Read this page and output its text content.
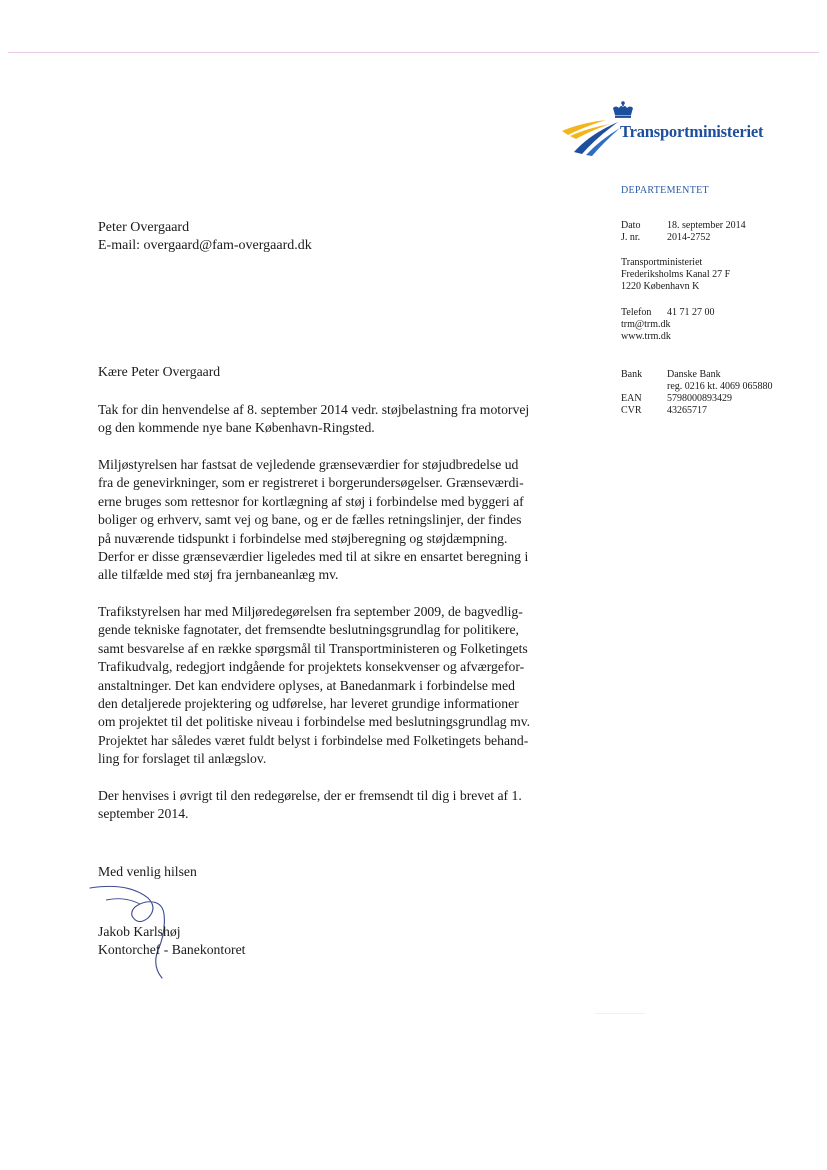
Transportministeriet
DEPARTEMENTET
Dato	18. september 2014
J. nr.	2014-2752
Transportministeriet
Frederiksholms Kanal 27 F
1220 København K
Telefon 41 71 27 00
trm@trm.dk
www.trm.dk
Bank Danske Bank
reg. 0216 kt. 4069 065880
EAN	5798000893429
CVR	43265717
Peter Overgaard
E-mail: overgaard@fam-overgaard.dk
Kære Peter Overgaard
Tak for din henvendelse af 8. september 2014 vedr. støjbelastning fra motorvej
og den kommende nye bane København-Ringsted.
Miljøstyrelsen har fastsat de vejledende grænseværdier for støjudbredelse ud
fra de genevirkninger, som er registreret i borgerundersøgelser. Grænseværdi-
erne bruges som rettesnor for kortlægning af støj i forbindelse med byggeri af
boliger og erhverv, samt vej og bane, og er de fælles retningslinjer, der findes
på nuværende tidspunkt i forbindelse med støjberegning og støjdæmpning.
Derfor er disse grænseværdier ligeledes med til at sikre en ensartet beregning i
alle tilfælde med støj fra jernbaneanlæg mv.
Trafikstyrelsen har med Miljøredegørelsen fra september 2009, de bagvedlig-
gende tekniske fagnotater, det fremsendte beslutningsgrundlag for politikere,
samt besvarelse af en række spørgsmål til Transportministeren og Folketingets
Trafikudvalg, redegjort indgående for projektets konsekvenser og afværgefor-
anstaltninger. Det kan endvidere oplyses, at Banedanmark i forbindelse med
den detaljerede projektering og udførelse, har leveret grundige informationer
om projektet til det politiske niveau i forbindelse med beslutningsgrundlag mv.
Projektet har således været fuldt belyst i forbindelse med Folketingets behand-
ling for forslaget til anlægslov.
Der henvises i øvrigt til den redegørelse, der er fremsendt til dig i brevet af 1.
september 2014.
Med venlig hilsen
Jakob Karlshøj
Kontorchef - Banekontoret
